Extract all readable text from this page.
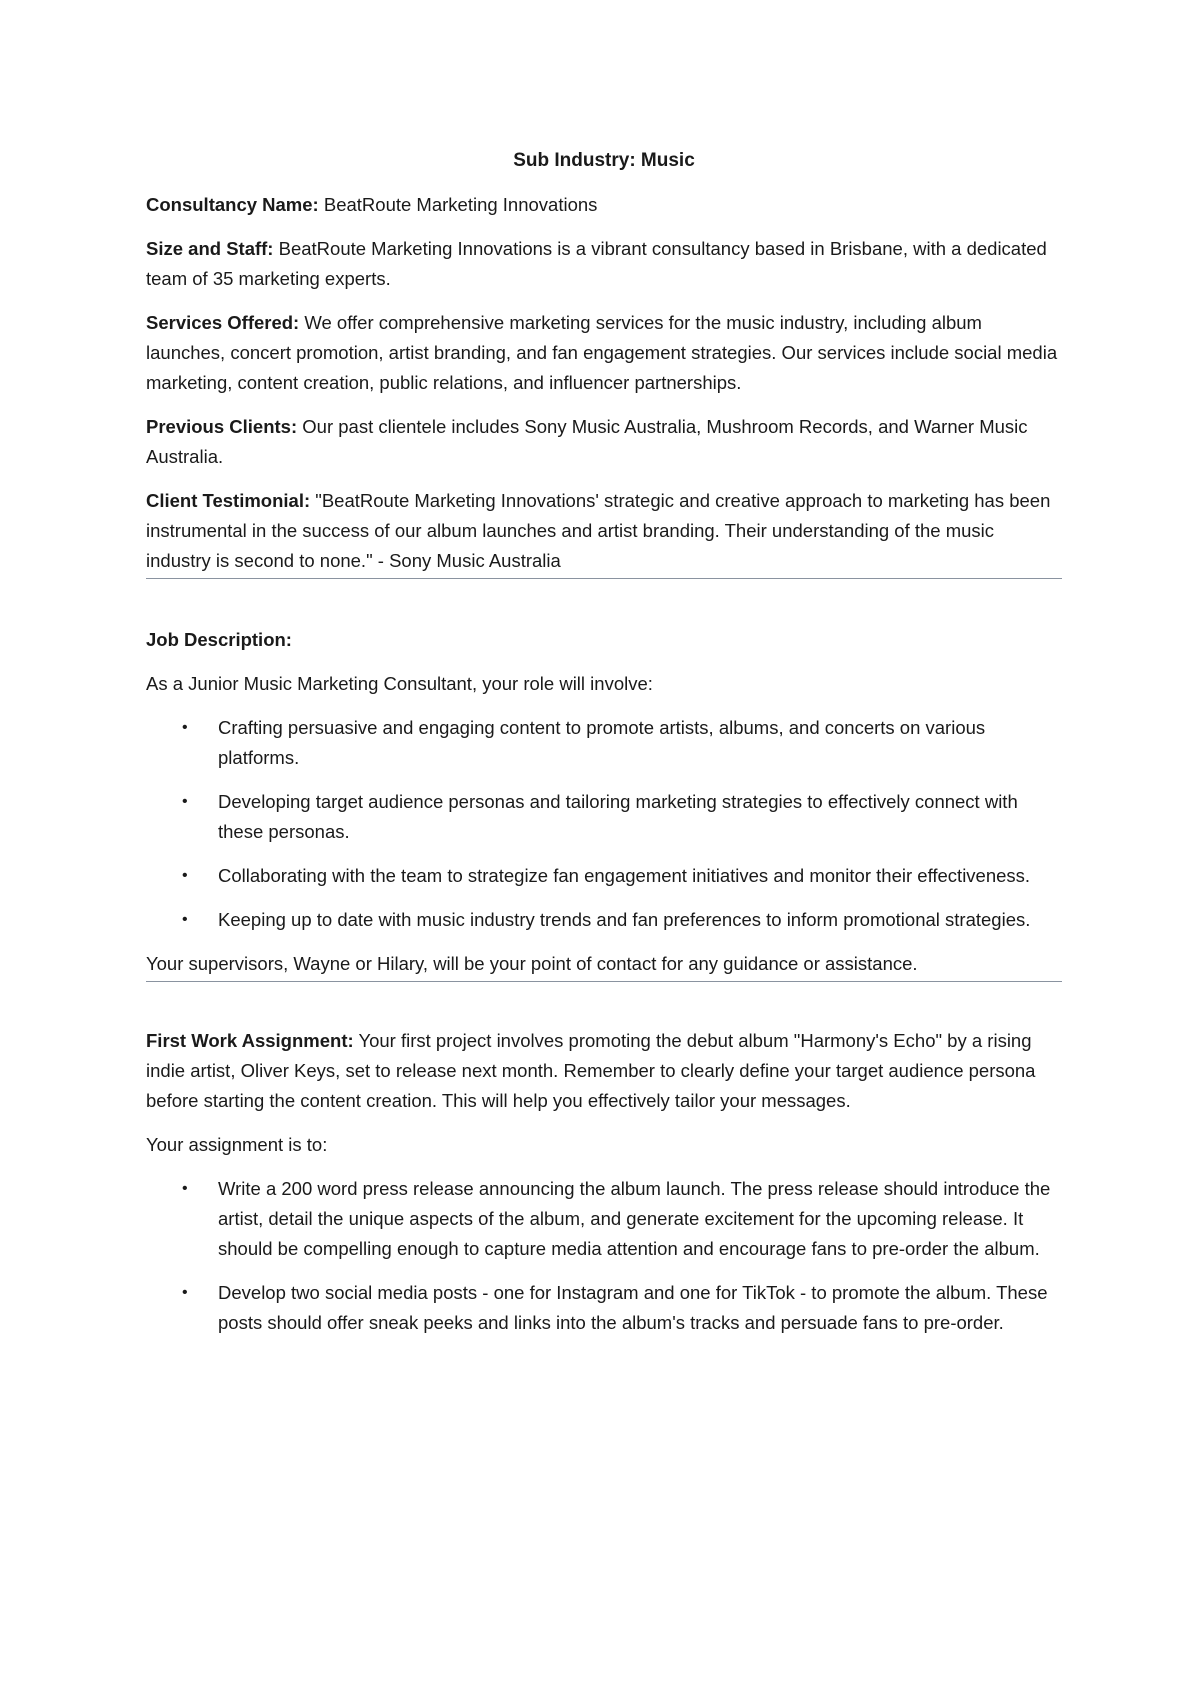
Sub Industry: Music

Consultancy Name: BeatRoute Marketing Innovations

Size and Staff: BeatRoute Marketing Innovations is a vibrant consultancy based in Brisbane, with a dedicated team of 35 marketing experts.

Services Offered: We offer comprehensive marketing services for the music industry, including album launches, concert promotion, artist branding, and fan engagement strategies. Our services include social media marketing, content creation, public relations, and influencer partnerships.

Previous Clients: Our past clientele includes Sony Music Australia, Mushroom Records, and Warner Music Australia.

Client Testimonial: "BeatRoute Marketing Innovations' strategic and creative approach to marketing has been instrumental in the success of our album launches and artist branding. Their understanding of the music industry is second to none." - Sony Music Australia

Job Description:

As a Junior Music Marketing Consultant, your role will involve:

• Crafting persuasive and engaging content to promote artists, albums, and concerts on various platforms.
• Developing target audience personas and tailoring marketing strategies to effectively connect with these personas.
• Collaborating with the team to strategize fan engagement initiatives and monitor their effectiveness.
• Keeping up to date with music industry trends and fan preferences to inform promotional strategies.

Your supervisors, Wayne or Hilary, will be your point of contact for any guidance or assistance.

First Work Assignment: Your first project involves promoting the debut album "Harmony's Echo" by a rising indie artist, Oliver Keys, set to release next month. Remember to clearly define your target audience persona before starting the content creation. This will help you effectively tailor your messages.

Your assignment is to:

• Write a 200 word press release announcing the album launch. The press release should introduce the artist, detail the unique aspects of the album, and generate excitement for the upcoming release. It should be compelling enough to capture media attention and encourage fans to pre-order the album.
• Develop two social media posts - one for Instagram and one for TikTok - to promote the album. These posts should offer sneak peeks and links into the album's tracks and persuade fans to pre-order.
